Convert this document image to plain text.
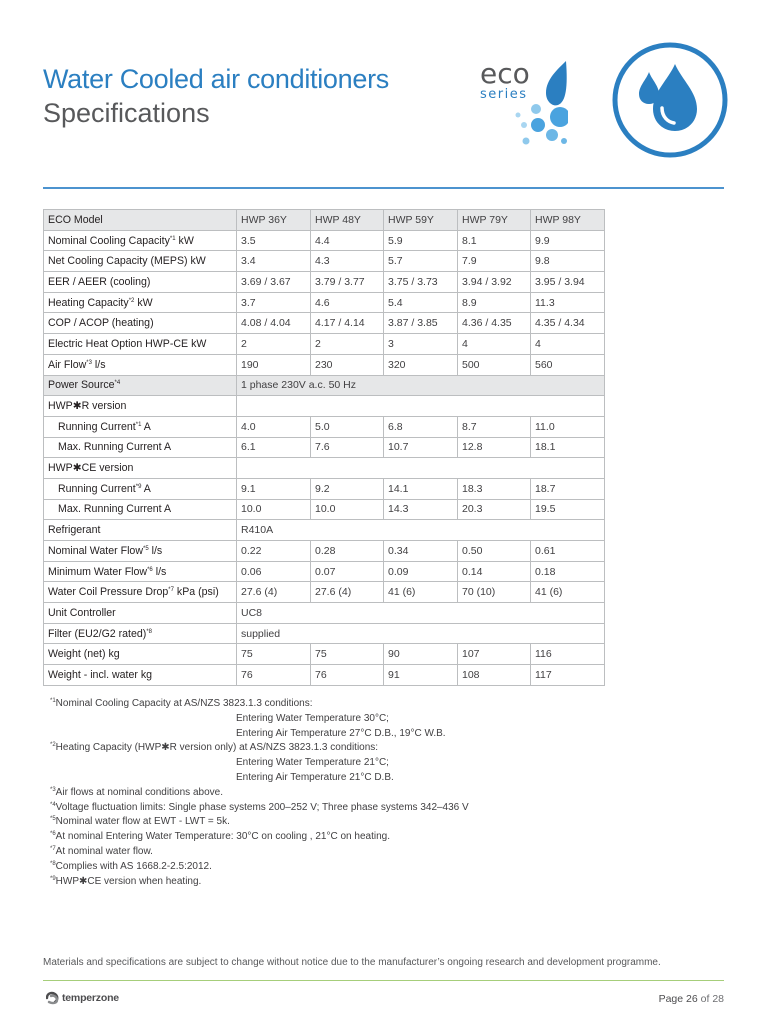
Water Cooled air conditioners
Specifications
eco
series
ECO Model	HWP 36Y	HWP 48Y	HWP 59Y	HWP 79Y	HWP 98Y
Nominal Cooling Capacity$^{*1}$ kW	3.5	4.4	5.9	8.1	9.9
Net Cooling Capacity (MEPS) kW	3.4	4.3	5.7	7.9	9.8
EER / AEER (cooling)	3.69 / 3.67	3.79 / 3.77	3.75 / 3.73	3.94 / 3.92	3.95 / 3.94
Heating Capacity$^{*2}$ kW	3.7	4.6	5.4	8.9	11.3
COP / ACOP (heating)	4.08 / 4.04	4.17 / 4.14	3.87 / 3.85	4.36 / 4.35	4.35 / 4.34
Electric Heat Option HWP-CE kW	2	2	3	4	4
Air Flow$^{*3}$ l/s	190	230	320	500	560
Power Source$^{*4}$	1 phase 230V a.c. 50 Hz				
HWP✱R version					
Running Current$^{*1}$ A	4.0	5.0	6.8	8.7	11.0
Max. Running Current A	6.1	7.6	10.7	12.8	18.1
HWP✱CE version					
Running Current$^{*9}$ A	9.1	9.2	14.1	18.3	18.7
Max. Running Current A	10.0	10.0	14.3	20.3	19.5
Refrigerant	R410A				
Nominal Water Flow$^{*5}$ l/s	0.22	0.28	0.34	0.50	0.61
Minimum Water Flow$^{*6}$ l/s	0.06	0.07	0.09	0.14	0.18
Water Coil Pressure Drop$^{*7}$ kPa (psi)	27.6 (4)	27.6 (4)	41 (6)	70 (10)	41 (6)
Unit Controller	UC8				
Filter (EU2/G2 rated)$^{*8}$	supplied				
Weight (net) kg	75	75	90	107	116
Weight - incl. water kg	76	76	91	108	117
$^{*1}$Nominal Cooling Capacity at AS/NZS 3823.1.3 conditions:
Entering Water Temperature 30°C;
Entering Air Temperature 27°C D.B., 19°C W.B.
$^{*2}$Heating Capacity (HWP✱R version only) at AS/NZS 3823.1.3 conditions:
Entering Water Temperature 21°C;
Entering Air Temperature 21°C D.B.
$^{*3}$Air flows at nominal conditions above.
$^{*4}$Voltage fluctuation limits: Single phase systems 200–252 V; Three phase systems 342–436 V
$^{*5}$Nominal water flow at EWT - LWT = 5k.
$^{*6}$At nominal Entering Water Temperature: 30°C on cooling , 21°C on heating.
$^{*7}$At nominal water flow.
$^{*8}$Complies with AS 1668.2-2.5:2012.
$^{*9}$HWP✱CE version when heating.
Materials and specifications are subject to change without notice due to the manufacturer’s ongoing research and development programme.
temperzone	Page 26 of 28
